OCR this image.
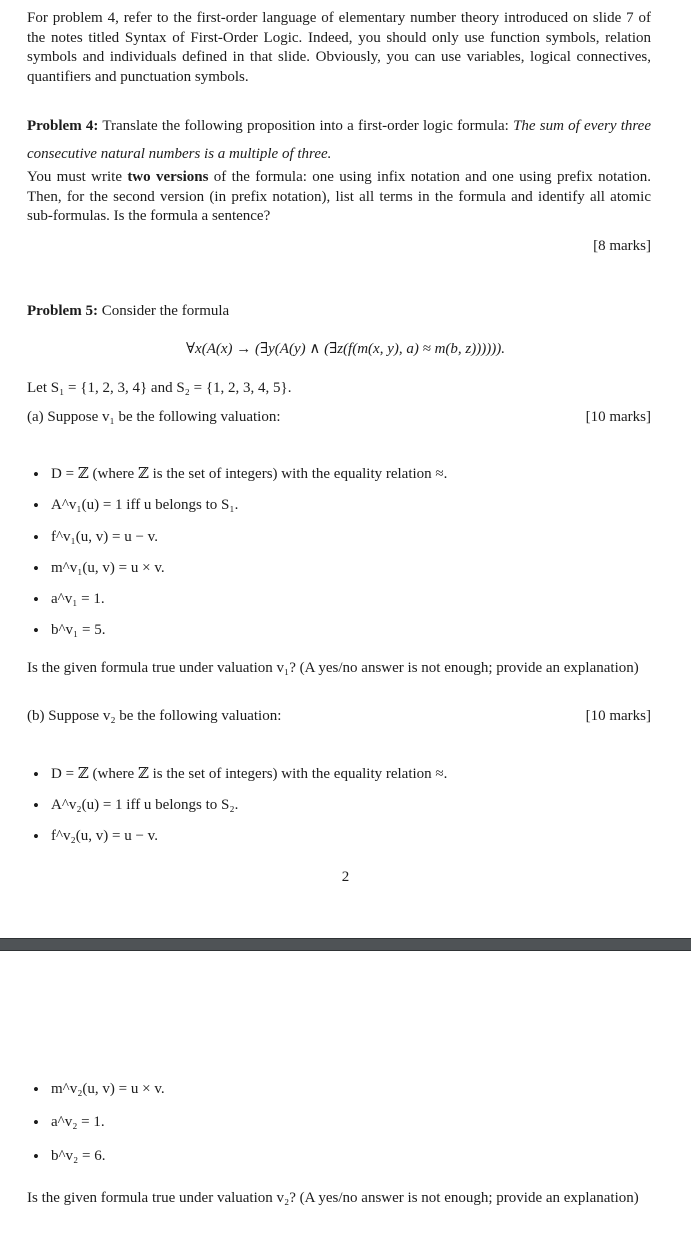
For problem 4, refer to the first-order language of elementary number theory introduced on slide 7 of the notes titled Syntax of First-Order Logic. Indeed, you should only use function symbols, relation symbols and individuals defined in that slide. Obviously, you can use variables, logical connectives, quantifiers and punctuation symbols.
Problem 4: Translate the following proposition into a first-order logic formula: The sum of every three consecutive natural numbers is a multiple of three.
You must write two versions of the formula: one using infix notation and one using prefix notation. Then, for the second version (in prefix notation), list all terms in the formula and identify all atomic sub-formulas. Is the formula a sentence?
[8 marks]
Problem 5: Consider the formula
∀x(A(x) → (∃y(A(y) ∧ (∃z(f(m(x, y), a) ≈ m(b, z)))))).
Let S₁ = {1, 2, 3, 4} and S₂ = {1, 2, 3, 4, 5}.
(a) Suppose v₁ be the following valuation:	[10 marks]
• D = ℤ (where ℤ is the set of integers) with the equality relation ≈.
• A^v₁(u) = 1 iff u belongs to S₁.
• f^v₁(u, v) = u − v.
• m^v₁(u, v) = u × v.
• a^v₁ = 1.
• b^v₁ = 5.
Is the given formula true under valuation v₁? (A yes/no answer is not enough; provide an explanation)
(b) Suppose v₂ be the following valuation:	[10 marks]
• D = ℤ (where ℤ is the set of integers) with the equality relation ≈.
• A^v₂(u) = 1 iff u belongs to S₂.
• f^v₂(u, v) = u − v.
2
• m^v₂(u, v) = u × v.
• a^v₂ = 1.
• b^v₂ = 6.
Is the given formula true under valuation v₂? (A yes/no answer is not enough; provide an explanation)
